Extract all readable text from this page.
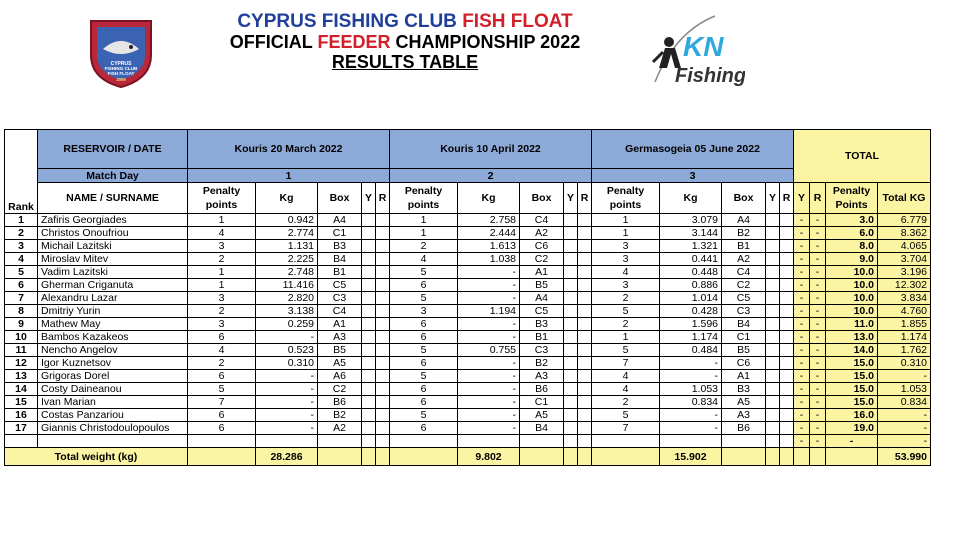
CYPRUS
FISHING CLUB
FISH FLOAT
2009
CYPRUS FISHING CLUB FISH FLOAT
OFFICIAL FEEDER CHAMPIONSHIP 2022
RESULTS TABLE	KN
Fishing
Rank	RESERVOIR / DATE	Kouris 20 March 2022					Kouris 10 April 2022					Germasogeia 05 June 2022					TOTAL			
	Match Day	1					2					3								
	NAME / SURNAME	Penalty points	Kg	Box	Y	R	Penalty points	Kg	Box	Y	R	Penalty points	Kg	Box	Y	R	Y	R	Penalty Points	Total KG
1	Zafiris Georgiades	1	0.942	A4			1	2.758	C4			1	3.079	A4			-	-	3.0	6.779
2	Christos Onoufriou	4	2.774	C1			1	2.444	A2			1	3.144	B2			-	-	6.0	8.362
3	Michail Lazitski	3	1.131	B3			2	1.613	C6			3	1.321	B1			-	-	8.0	4.065
4	Miroslav Mitev	2	2.225	B4			4	1.038	C2			3	0.441	A2			-	-	9.0	3.704
5	Vadim Lazitski	1	2.748	B1			5	-	A1			4	0.448	C4			-	-	10.0	3.196
6	Gherman Criganuta	1	11.416	C5			6	-	B5			3	0.886	C2			-	-	10.0	12.302
7	Alexandru Lazar	3	2.820	C3			5	-	A4			2	1.014	C5			-	-	10.0	3.834
8	Dmitriy Yurin	2	3.138	C4			3	1.194	C5			5	0.428	C3			-	-	10.0	4.760
9	Mathew May	3	0.259	A1			6	-	B3			2	1.596	B4			-	-	11.0	1.855
10	Bambos Kazakeos	6	-	A3			6	-	B1			1	1.174	C1			-	-	13.0	1.174
11	Nencho Angelov	4	0.523	B5			5	0.755	C3			5	0.484	B5			-	-	14.0	1.762
12	Igor Kuznetsov	2	0.310	A5			6	-	B2			7	-	C6			-	-	15.0	0.310
13	Grigoras Dorel	6	-	A6			5	-	A3			4	-	A1			-	-	15.0	-
14	Costy Daineanou	5	-	C2			6	-	B6			4	1.053	B3			-	-	15.0	1.053
15	Ivan Marian	7	-	B6			6	-	C1			2	0.834	A5			-	-	15.0	0.834
16	Costas Panzariou	6	-	B2			5	-	A5			5	-	A3			-	-	16.0	-
17	Giannis Christodoulopoulos	6	-	A2			6	-	B4			7	-	B6			-	-	19.0	-
																	-	-	-	-
Total weight (kg)			28.286					9.802					15.902							53.990
